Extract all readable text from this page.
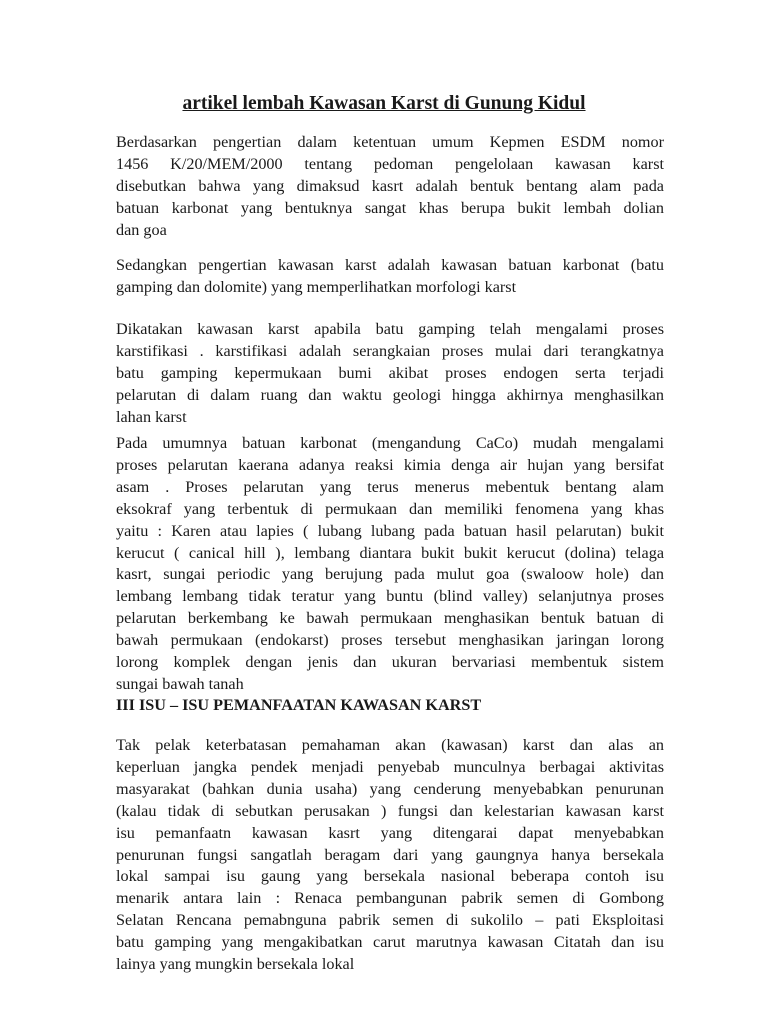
artikel lembah Kawasan Karst di Gunung Kidul
Berdasarkan pengertian dalam ketentuan umum Kepmen ESDM nomor
1456 K/20/MEM/2000 tentang pedoman pengelolaan kawasan karst
disebutkan bahwa yang dimaksud kasrt adalah bentuk bentang alam pada
batuan karbonat yang bentuknya sangat khas berupa bukit lembah dolian
dan goa
Sedangkan pengertian kawasan karst adalah kawasan batuan karbonat (batu
gamping dan dolomite) yang memperlihatkan morfologi karst
Dikatakan kawasan karst apabila batu gamping telah mengalami proses
karstifikasi . karstifikasi adalah serangkaian proses mulai dari terangkatnya
batu gamping kepermukaan bumi akibat proses endogen serta terjadi
pelarutan di dalam ruang dan waktu geologi hingga akhirnya menghasilkan
lahan karst
Pada umumnya batuan karbonat (mengandung CaCo) mudah mengalami
proses pelarutan kaerana adanya reaksi kimia denga air hujan yang bersifat
asam . Proses pelarutan yang terus menerus mebentuk bentang alam
eksokraf yang terbentuk di permukaan dan memiliki fenomena yang khas
yaitu : Karen atau lapies ( lubang lubang pada batuan hasil pelarutan) bukit
kerucut ( canical hill ), lembang diantara bukit bukit kerucut (dolina) telaga
kasrt, sungai periodic yang berujung pada mulut goa (swaloow hole) dan
lembang lembang tidak teratur yang buntu (blind valley) selanjutnya proses
pelarutan berkembang ke bawah permukaan menghasikan bentuk batuan di
bawah permukaan (endokarst) proses tersebut menghasikan jaringan lorong
lorong komplek dengan jenis dan ukuran bervariasi membentuk sistem
sungai bawah tanah
III ISU – ISU PEMANFAATAN KAWASAN KARST
Tak pelak keterbatasan pemahaman akan (kawasan) karst dan alas an
keperluan jangka pendek menjadi penyebab munculnya berbagai aktivitas
masyarakat (bahkan dunia usaha) yang cenderung menyebabkan penurunan
(kalau tidak di sebutkan perusakan ) fungsi dan kelestarian kawasan karst
isu pemanfaatn kawasan kasrt yang ditengarai dapat menyebabkan
penurunan fungsi sangatlah beragam dari yang gaungnya hanya bersekala
lokal sampai isu gaung yang bersekala nasional beberapa contoh isu
menarik antara lain : Renaca pembangunan pabrik semen di Gombong
Selatan Rencana pemabnguna pabrik semen di sukolilo – pati Eksploitasi
batu gamping yang mengakibatkan carut marutnya kawasan Citatah dan isu
lainya yang mungkin bersekala lokal
